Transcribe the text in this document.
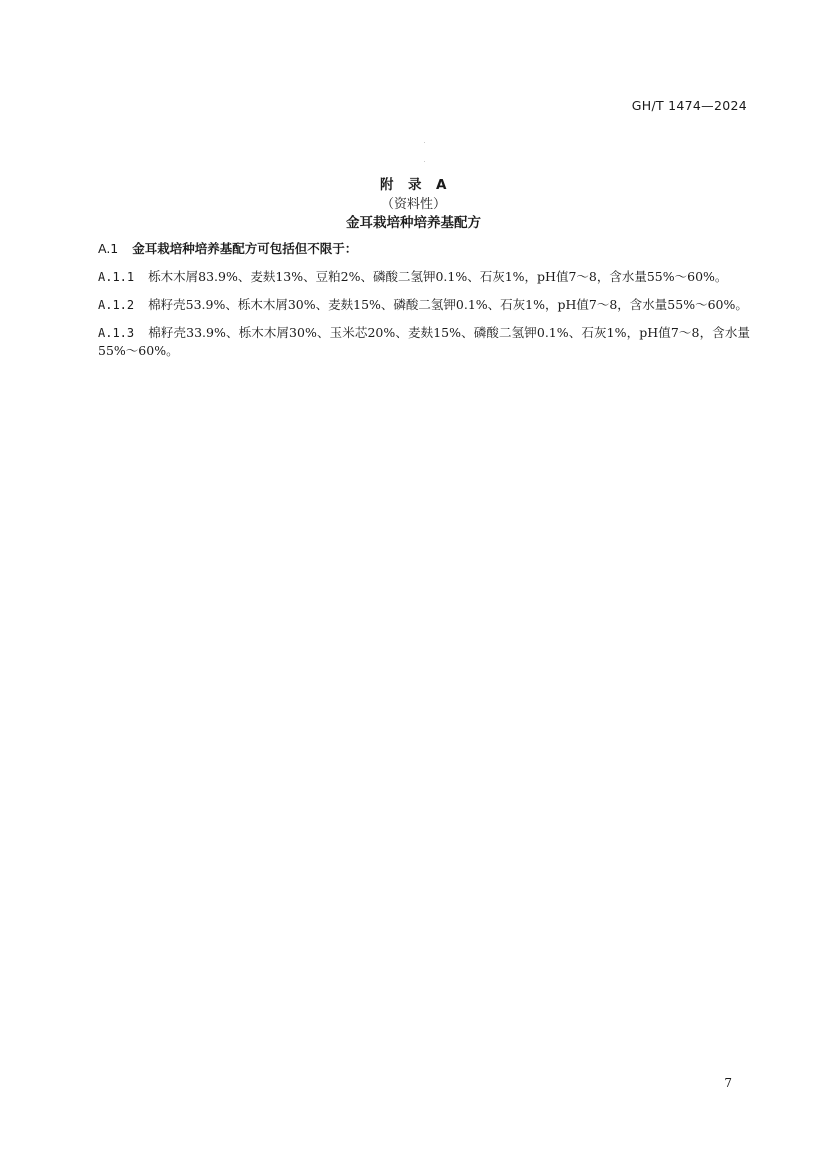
GH/T 1474—2024
附　录　A
（资料性）
金耳栽培种培养基配方
A.1 金耳栽培种培养基配方可包括但不限于：
A.1.1 栎木木屑83.9%、麦麸13%、豆粕2%、磷酸二氢钾0.1%、石灰1%，pH值7～8，含水量55%～60%。
A.1.2 棉籽壳53.9%、栎木木屑30%、麦麸15%、磷酸二氢钾0.1%、石灰1%，pH值7～8，含水量55%～60%。
A.1.3 棉籽壳33.9%、栎木木屑30%、玉米芯20%、麦麸15%、磷酸二氢钾0.1%、石灰1%，pH值7～8，含水量55%～60%。
7
